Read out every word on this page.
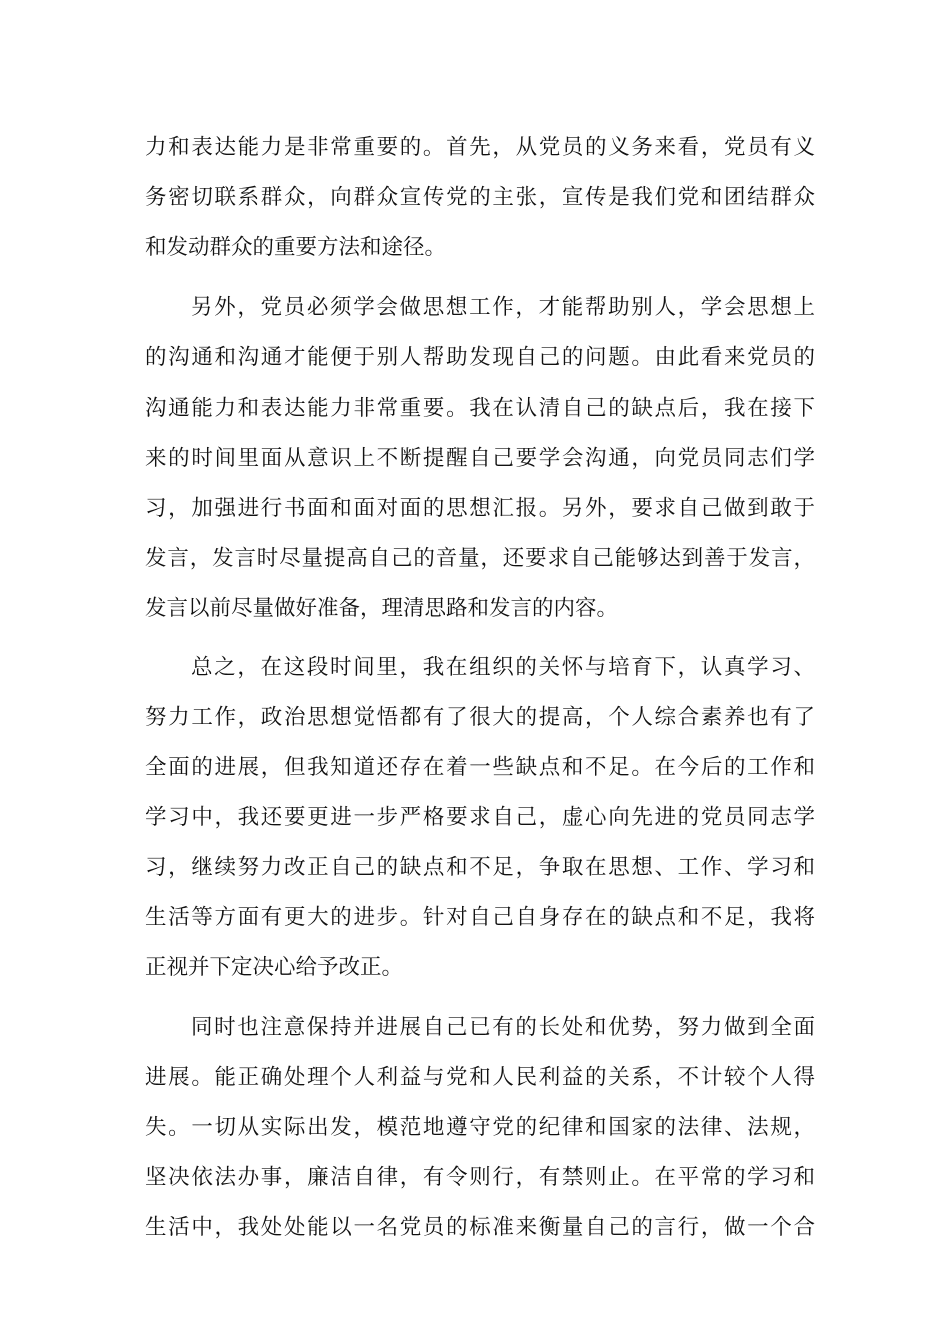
力和表达能力是非常重要的。首先，从党员的义务来看，党员有义
务密切联系群众，向群众宣传党的主张，宣传是我们党和团结群众
和发动群众的重要方法和途径。
另外，党员必须学会做思想工作，才能帮助别人，学会思想上
的沟通和沟通才能便于别人帮助发现自己的问题。由此看来党员的
沟通能力和表达能力非常重要。我在认清自己的缺点后，我在接下
来的时间里面从意识上不断提醒自己要学会沟通，向党员同志们学
习，加强进行书面和面对面的思想汇报。另外，要求自己做到敢于
发言，发言时尽量提高自己的音量，还要求自己能够达到善于发言，
发言以前尽量做好准备，理清思路和发言的内容。
总之，在这段时间里，我在组织的关怀与培育下，认真学习、
努力工作，政治思想觉悟都有了很大的提高，个人综合素养也有了
全面的进展，但我知道还存在着一些缺点和不足。在今后的工作和
学习中，我还要更进一步严格要求自己，虚心向先进的党员同志学
习，继续努力改正自己的缺点和不足，争取在思想、工作、学习和
生活等方面有更大的进步。针对自己自身存在的缺点和不足，我将
正视并下定决心给予改正。
同时也注意保持并进展自己已有的长处和优势，努力做到全面
进展。能正确处理个人利益与党和人民利益的关系，不计较个人得
失。一切从实际出发，模范地遵守党的纪律和国家的法律、法规，
坚决依法办事，廉洁自律，有令则行，有禁则止。在平常的学习和
生活中，我处处能以一名党员的标准来衡量自己的言行，做一个合
